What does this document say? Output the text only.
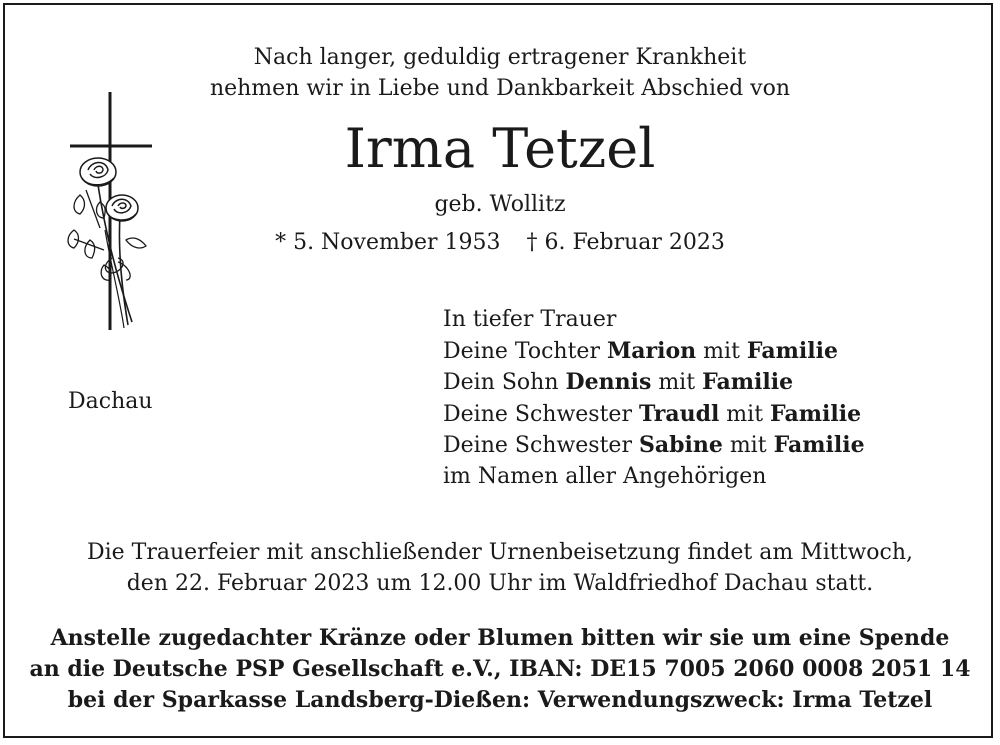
Nach langer, geduldig ertragener Krankheit
nehmen wir in Liebe und Dankbarkeit Abschied von
Irma Tetzel
geb. Wollitz
* 5. November 1953 † 6. Februar 2023
Dachau
In tiefer Trauer
Deine Tochter Marion mit Familie
Dein Sohn Dennis mit Familie
Deine Schwester Traudl mit Familie
Deine Schwester Sabine mit Familie
im Namen aller Angehörigen
Die Trauerfeier mit anschließender Urnenbeisetzung findet am Mittwoch,
den 22. Februar 2023 um 12.00 Uhr im Waldfriedhof Dachau statt.
Anstelle zugedachter Kränze oder Blumen bitten wir sie um eine Spende
an die Deutsche PSP Gesellschaft e.V., IBAN: DE15 7005 2060 0008 2051 14
bei der Sparkasse Landsberg-Dießen: Verwendungszweck: Irma Tetzel
